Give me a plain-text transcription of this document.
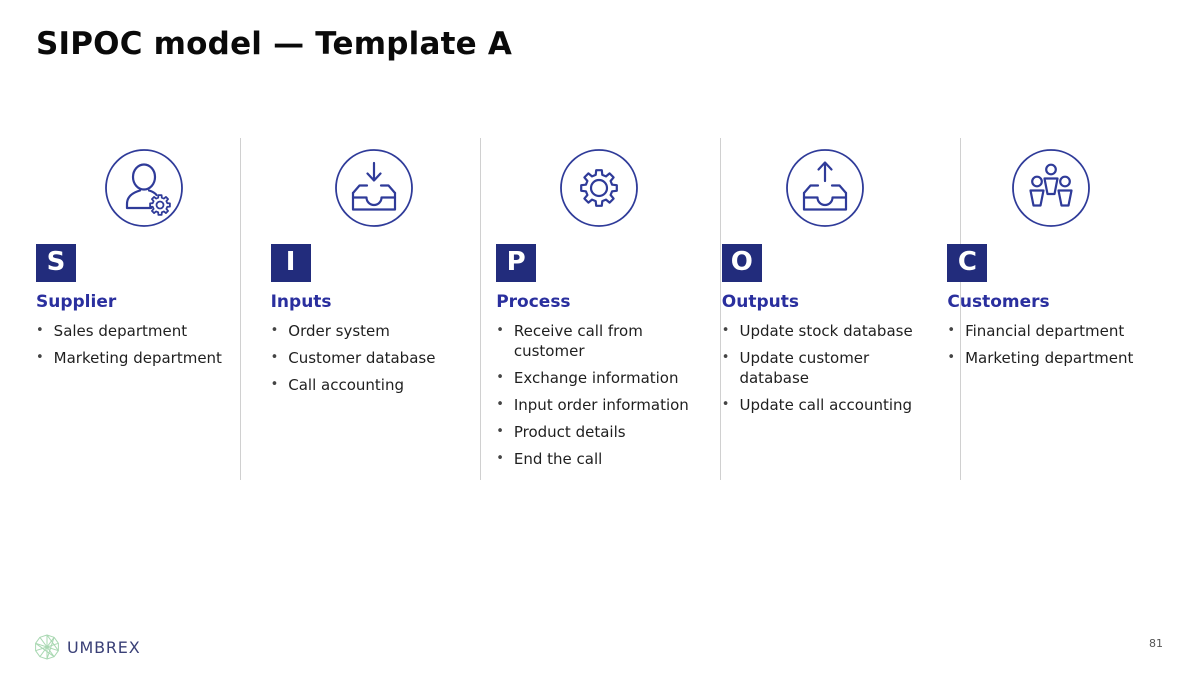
SIPOC model — Template A
S
Supplier
• Sales department
• Marketing department
I
Inputs
• Order system
• Customer database
• Call accounting
P
Process
• Receive call from customer
• Exchange information
• Input order information
• Product details
• End the call
O
Outputs
• Update stock database
• Update customer database
• Update call accounting
C
Customers
• Financial department
• Marketing department
UMBREX	81
